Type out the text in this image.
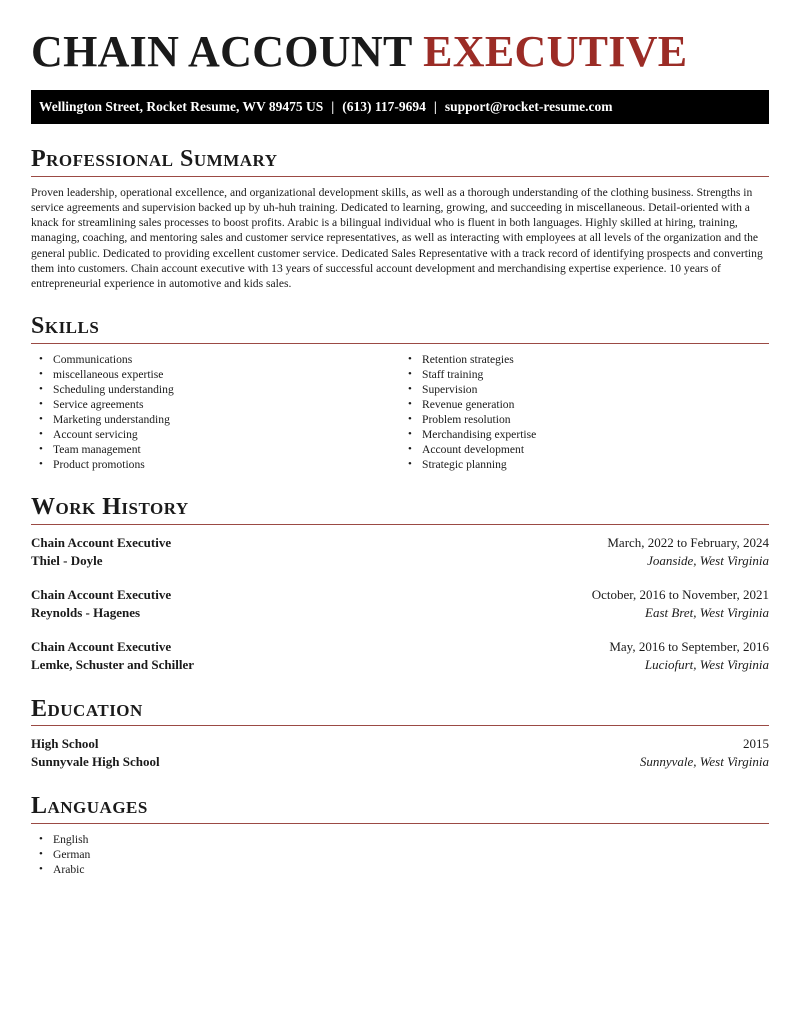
CHAIN ACCOUNT EXECUTIVE
Wellington Street, Rocket Resume, WV 89475 US | (613) 117-9694 | support@rocket-resume.com
Professional Summary

Proven leadership, operational excellence, and organizational development skills, as well as a thorough understanding of the clothing business. Strengths in service agreements and supervision backed up by uh-huh training. Dedicated to learning, growing, and succeeding in miscellaneous. Detail-oriented with a knack for streamlining sales processes to boost profits. Arabic is a bilingual individual who is fluent in both languages. Highly skilled at hiring, training, managing, coaching, and mentoring sales and customer service representatives, as well as interacting with employees at all levels of the organization and the general public. Dedicated to providing excellent customer service. Dedicated Sales Representative with a track record of identifying prospects and converting them into customers. Chain account executive with 13 years of successful account development and merchandising expertise experience. 10 years of entrepreneurial experience in automotive and kids sales.

Skills
• Communications
• miscellaneous expertise
• Scheduling understanding
• Service agreements
• Marketing understanding
• Account servicing
• Team management
• Product promotions
• Retention strategies
• Staff training
• Supervision
• Revenue generation
• Problem resolution
• Merchandising expertise
• Account development
• Strategic planning
Work History
Chain Account Executive	March, 2022 to February, 2024
Thiel - Doyle	Joanside, West Virginia
Chain Account Executive	October, 2016 to November, 2021
Reynolds - Hagenes	East Bret, West Virginia
Chain Account Executive	May, 2016 to September, 2016
Lemke, Schuster and Schiller	Luciofurt, West Virginia
Education
High School	2015
Sunnyvale High School	Sunnyvale, West Virginia
Languages
• English
• German
• Arabic
